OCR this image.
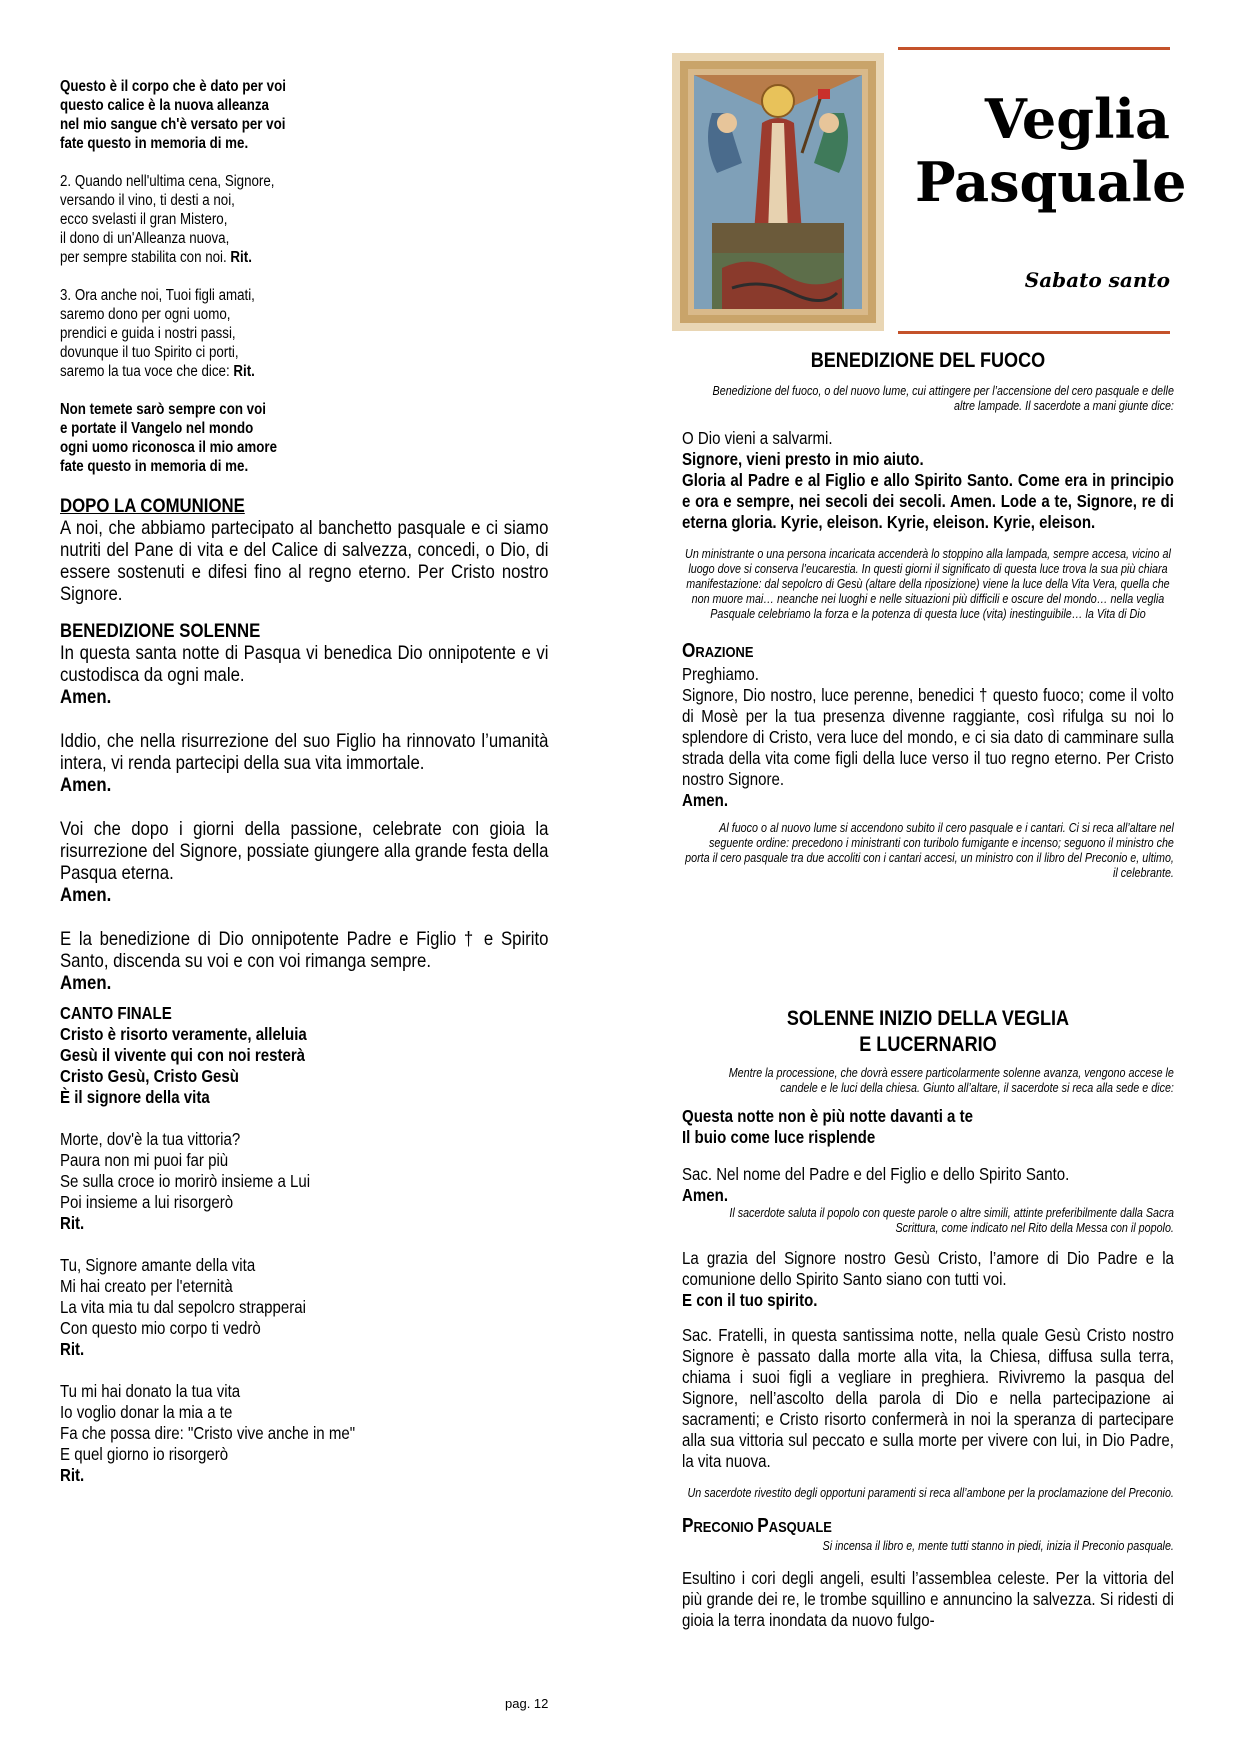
Questo è il corpo che è dato per voi
questo calice è la nuova alleanza
nel mio sangue ch'è versato per voi
fate questo in memoria di me.
2. Quando nell'ultima cena, Signore,
versando il vino, ti desti a noi,
ecco svelasti il gran Mistero,
il dono di un'Alleanza nuova,
per sempre stabilita con noi. Rit.
3. Ora anche noi, Tuoi figli amati,
saremo dono per ogni uomo,
prendici e guida i nostri passi,
dovunque il tuo Spirito ci porti,
saremo la tua voce che dice: Rit.
Non temete sarò sempre con voi
e portate il Vangelo nel mondo
ogni uomo riconosca il mio amore
fate questo in memoria di me.
DOPO LA COMUNIONE
A noi, che abbiamo partecipato al banchetto pasquale e ci siamo nutriti del Pane di vita e del Calice di salvezza, concedi, o Dio, di essere sostenuti e difesi fino al regno eterno. Per Cristo nostro Signore.
BENEDIZIONE SOLENNE
In questa santa notte di Pasqua vi benedica Dio onnipotente e vi custodisca da ogni male.
Amen.
Iddio, che nella risurrezione del suo Figlio ha rinnovato l’umanità intera, vi renda partecipi della sua vita immortale.
Amen.
Voi che dopo i giorni della passione, celebrate con gioia la risurrezione del Signore, possiate giungere alla grande festa della Pasqua eterna.
Amen.
E la benedizione di Dio onnipotente Padre e Figlio † e Spirito Santo, discenda su voi e con voi rimanga sempre.
Amen.
CANTO FINALE
Cristo è risorto veramente, alleluia
Gesù il vivente qui con noi resterà
Cristo Gesù, Cristo Gesù
È il signore della vita
Morte, dov'è la tua vittoria?
Paura non mi puoi far più
Se sulla croce io morirò insieme a Lui
Poi insieme a lui risorgerò
Rit.
Tu, Signore amante della vita
Mi hai creato per l'eternità
La vita mia tu dal sepolcro strapperai
Con questo mio corpo ti vedrò
Rit.
Tu mi hai donato la tua vita
Io voglio donar la mia a te
Fa che possa dire: "Cristo vive anche in me"
E quel giorno io risorgerò
Rit.
Veglia
Pasquale
Sabato santo
BENEDIZIONE DEL FUOCO
Benedizione del fuoco, o del nuovo lume, cui attingere per l’accensione del cero pasquale e delle altre lampade. Il sacerdote a mani giunte dice:
O Dio vieni a salvarmi.
Signore, vieni presto in mio aiuto.
Gloria al Padre e al Figlio e allo Spirito Santo. Come era in principio e ora e sempre, nei secoli dei secoli. Amen. Lode a te, Signore, re di eterna gloria. Kyrie, eleison. Kyrie, eleison. Kyrie, eleison.
Un ministrante o una persona incaricata accenderà lo stoppino alla lampada, sempre accesa, vicino al luogo dove si conserva l’eucarestia. In questi giorni il significato di questa luce trova la sua più chiara manifestazione: dal sepolcro di Gesù (altare della riposizione) viene la luce della Vita Vera, quella che non muore mai… neanche nei luoghi e nelle situazioni più difficili e oscure del mondo… nella veglia Pasquale celebriamo la forza e la potenza di questa luce (vita) inestinguibile… la Vita di Dio
ORAZIONE
Preghiamo.
Signore, Dio nostro, luce perenne, benedici † questo fuoco; come il volto di Mosè per la tua presenza divenne raggiante, così rifulga su noi lo splendore di Cristo, vera luce del mondo, e ci sia dato di camminare sulla strada della vita come figli della luce verso il tuo regno eterno. Per Cristo nostro Signore.
Amen.
Al fuoco o al nuovo lume si accendono subito il cero pasquale e i cantari. Ci si reca all’altare nel seguente ordine: precedono i ministranti con turibolo fumigante e incenso; seguono il ministro che porta il cero pasquale tra due accoliti con i cantari accesi, un ministro con il libro del Preconio e, ultimo, il celebrante.
SOLENNE INIZIO DELLA VEGLIA
E LUCERNARIO
Mentre la processione, che dovrà essere particolarmente solenne avanza, vengono accese le candele e le luci della chiesa. Giunto all’altare, il sacerdote si reca alla sede e dice:
Questa notte non è più notte davanti a te
Il buio come luce risplende
Sac. Nel nome del Padre e del Figlio e dello Spirito Santo.
Amen.
Il sacerdote saluta il popolo con queste parole o altre simili, attinte preferibilmente dalla Sacra Scrittura, come indicato nel Rito della Messa con il popolo.
La grazia del Signore nostro Gesù Cristo, l’amore di Dio Padre e la comunione dello Spirito Santo siano con tutti voi.
E con il tuo spirito.
Sac. Fratelli, in questa santissima notte, nella quale Gesù Cristo nostro Signore è passato dalla morte alla vita, la Chiesa, diffusa sulla terra, chiama i suoi figli a vegliare in preghiera. Rivivremo la pasqua del Signore, nell’ascolto della parola di Dio e nella partecipazione ai sacramenti; e Cristo risorto confermerà in noi la speranza di partecipare alla sua vittoria sul peccato e sulla morte per vivere con lui, in Dio Padre, la vita nuova.
Un sacerdote rivestito degli opportuni paramenti si reca all’ambone per la proclamazione del Preconio.
PRECONIO PASQUALE
Si incensa il libro e, mente tutti stanno in piedi, inizia il Preconio pasquale.
Esultino i cori degli angeli, esulti l’assemblea celeste. Per la vittoria del più grande dei re, le trombe squillino e annuncino la salvezza. Si ridesti di gioia la terra inondata da nuovo fulgo-
pag. 12
